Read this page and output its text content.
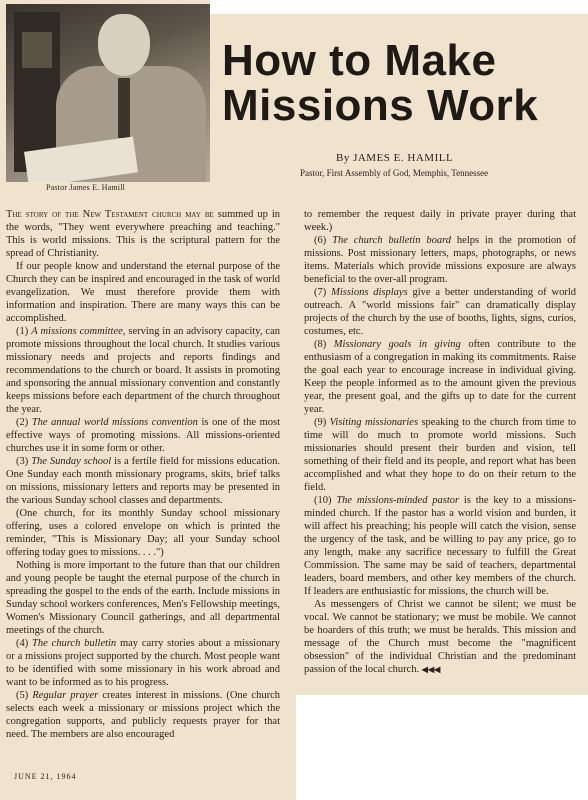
Pastor James E. Hamill
How to Make
Missions Work
By JAMES E. HAMILL
Pastor, First Assembly of God, Memphis, Tennessee

The story of the New Testament church may be summed up in the words, "They went everywhere preaching and teaching." This is world missions. This is the scriptural pattern for the spread of Christianity.

If our people know and understand the eternal purpose of the Church they can be inspired and encouraged in the task of world evangelization. We must therefore provide them with information and inspiration. There are many ways this can be accomplished.

(1) A missions committee, serving in an advisory capacity, can promote missions throughout the local church. It studies various missionary needs and projects and reports findings and recommendations to the church or board. It assists in promoting and sponsoring the annual missionary convention and constantly keeps missions before each department of the church throughout the year.

(2) The annual world missions convention is one of the most effective ways of promoting missions. All missions-oriented churches use it in some form or other.

(3) The Sunday school is a fertile field for missions education. One Sunday each month missionary programs, skits, brief talks on missions, missionary letters and reports may be presented in the various Sunday school classes and departments.

(One church, for its monthly Sunday school missionary offering, uses a colored envelope on which is printed the reminder, "This is Missionary Day; all your Sunday school offering today goes to missions. . . .")

Nothing is more important to the future than that our children and young people be taught the eternal purpose of the church in spreading the gospel to the ends of the earth. Include missions in Sunday school workers conferences, Men's Fellowship meetings, Women's Missionary Council gatherings, and all departmental meetings of the church.

(4) The church bulletin may carry stories about a missionary or a missions project supported by the church. Most people want to be identified with some missionary in his work abroad and want to be informed as to his progress.

(5) Regular prayer creates interest in missions. (One church selects each week a missionary or missions project which the congregation supports, and publicly requests prayer for that need. The members are also encouraged

to remember the request daily in private prayer during that week.)

(6) The church bulletin board helps in the promotion of missions. Post missionary letters, maps, photographs, or news items. Materials which provide missions exposure are always beneficial to the over-all program.

(7) Missions displays give a better understanding of world outreach. A "world missions fair" can dramatically display projects of the church by the use of booths, lights, signs, curios, costumes, etc.

(8) Missionary goals in giving often contribute to the enthusiasm of a congregation in making its commitments. Raise the goal each year to encourage increase in individual giving. Keep the people informed as to the amount given the previous year, the present goal, and the gifts up to date for the current year.

(9) Visiting missionaries speaking to the church from time to time will do much to promote world missions. Such missionaries should present their burden and vision, tell something of their field and its people, and report what has been accomplished and what they hope to do on their return to the field.

(10) The missions-minded pastor is the key to a missions-minded church. If the pastor has a world vision and burden, it will affect his preaching; his people will catch the vision, sense the urgency of the task, and be willing to pay any price, go to any length, make any sacrifice necessary to fulfill the Great Commission. The same may be said of teachers, departmental leaders, board members, and other key members of the church. If leaders are enthusiastic for missions, the church will be.

As messengers of Christ we cannot be silent; we must be vocal. We cannot be stationary; we must be mobile. We cannot be hoarders of this truth; we must be heralds. This mission and message of the Church must become the "magnificent obsession" of the individual Christian and the predominant passion of the local church. ◀◀◀

JUNE 21, 1964
